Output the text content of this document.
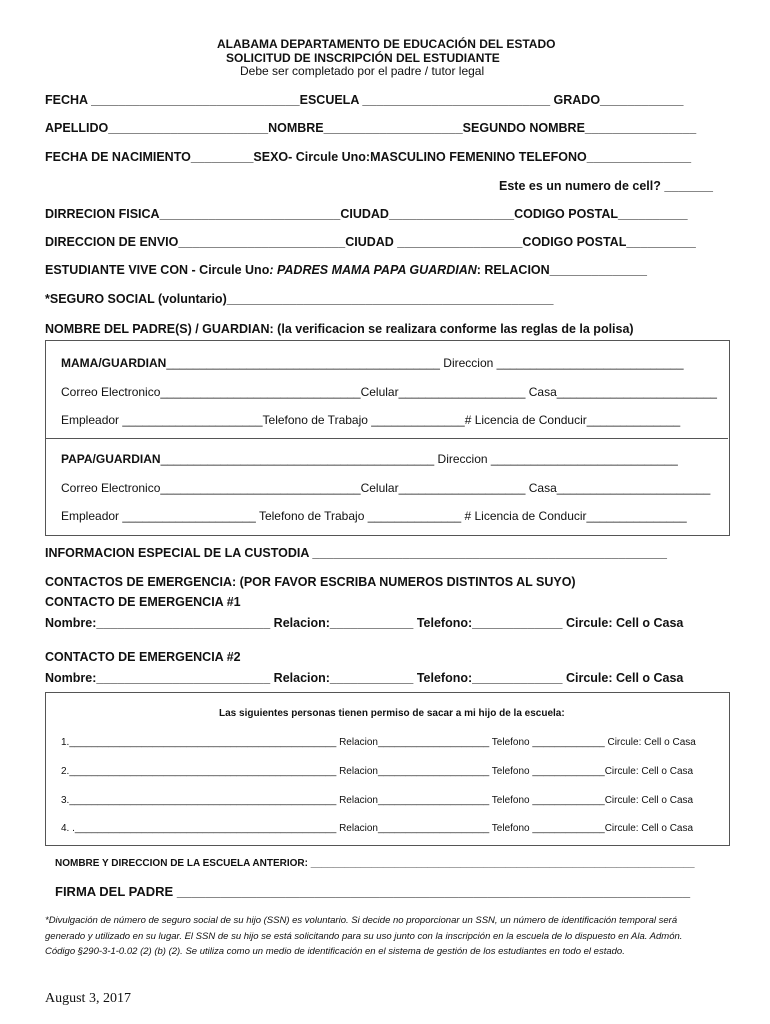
ALABAMA DEPARTAMENTO DE EDUCACIÓN DEL ESTADO
SOLICITUD DE INSCRIPCIÓN DEL ESTUDIANTE
Debe ser completado por el padre / tutor legal
FECHA ______________________________ESCUELA ___________________________ GRADO____________
APELLIDO_______________________NOMBRE____________________SEGUNDO NOMBRE________________
FECHA DE NACIMIENTO_________SEXO- Circule Uno:MASCULINO FEMENINO TELEFONO_______________
Este es un numero de cell? _______
DIRRECION FISICA__________________________CIUDAD__________________CODIGO POSTAL__________
DIRECCION DE ENVIO________________________CIUDAD __________________CODIGO POSTAL__________
ESTUDIANTE VIVE CON - Circule Uno: PADRES MAMA PAPA GUARDIAN: RELACION______________
*SEGURO SOCIAL (voluntario)_______________________________________________
NOMBRE DEL PADRE(S) / GUARDIAN: (la verificacion se realizara conforme las reglas de la polisa)
MAMA/GUARDIAN_________________________________________ Direccion ____________________________
Correo Electronico______________________________Celular___________________ Casa________________________
Empleador _____________________Telefono de Trabajo ______________# Licencia de Conducir______________
PAPA/GUARDIAN_________________________________________ Direccion ____________________________
Correo Electronico______________________________Celular___________________ Casa_______________________
Empleador ____________________ Telefono de Trabajo ______________ # Licencia de Conducir_______________
INFORMACION ESPECIAL DE LA CUSTODIA ___________________________________________________
CONTACTOS DE EMERGENCIA: (POR FAVOR ESCRIBA NUMEROS DISTINTOS AL SUYO)
CONTACTO DE EMERGENCIA #1
Nombre:_________________________ Relacion:____________ Telefono:_____________ Circule: Cell o Casa
CONTACTO DE EMERGENCIA #2
Nombre:_________________________ Relacion:____________ Telefono:_____________ Circule: Cell o Casa
Las siguientes personas tienen permiso de sacar a mi hijo de la escuela:
1.________________________________________________ Relacion____________________ Telefono _____________ Circule: Cell o Casa
2.________________________________________________ Relacion____________________ Telefono _____________Circule: Cell o Casa
3.________________________________________________ Relacion____________________ Telefono _____________Circule: Cell o Casa
4. ._______________________________________________ Relacion____________________ Telefono _____________Circule: Cell o Casa
NOMBRE Y DIRECCION DE LA ESCUELA ANTERIOR: _____________________________________________________________________
FIRMA DEL PADRE _______________________________________________________________________
*Divulgación de número de seguro social de su hijo (SSN) es voluntario. Si decide no proporcionar un SSN, un número de identificación temporal será generado y utilizado en su lugar. El SSN de su hijo se está solicitando para su uso junto con la inscripción en la escuela de lo dispuesto en Ala. Admón. Código §290-3-1-0.02 (2) (b) (2). Se utiliza como un medio de identificación en el sistema de gestión de los estudiantes en todo el estado.
August 3, 2017
